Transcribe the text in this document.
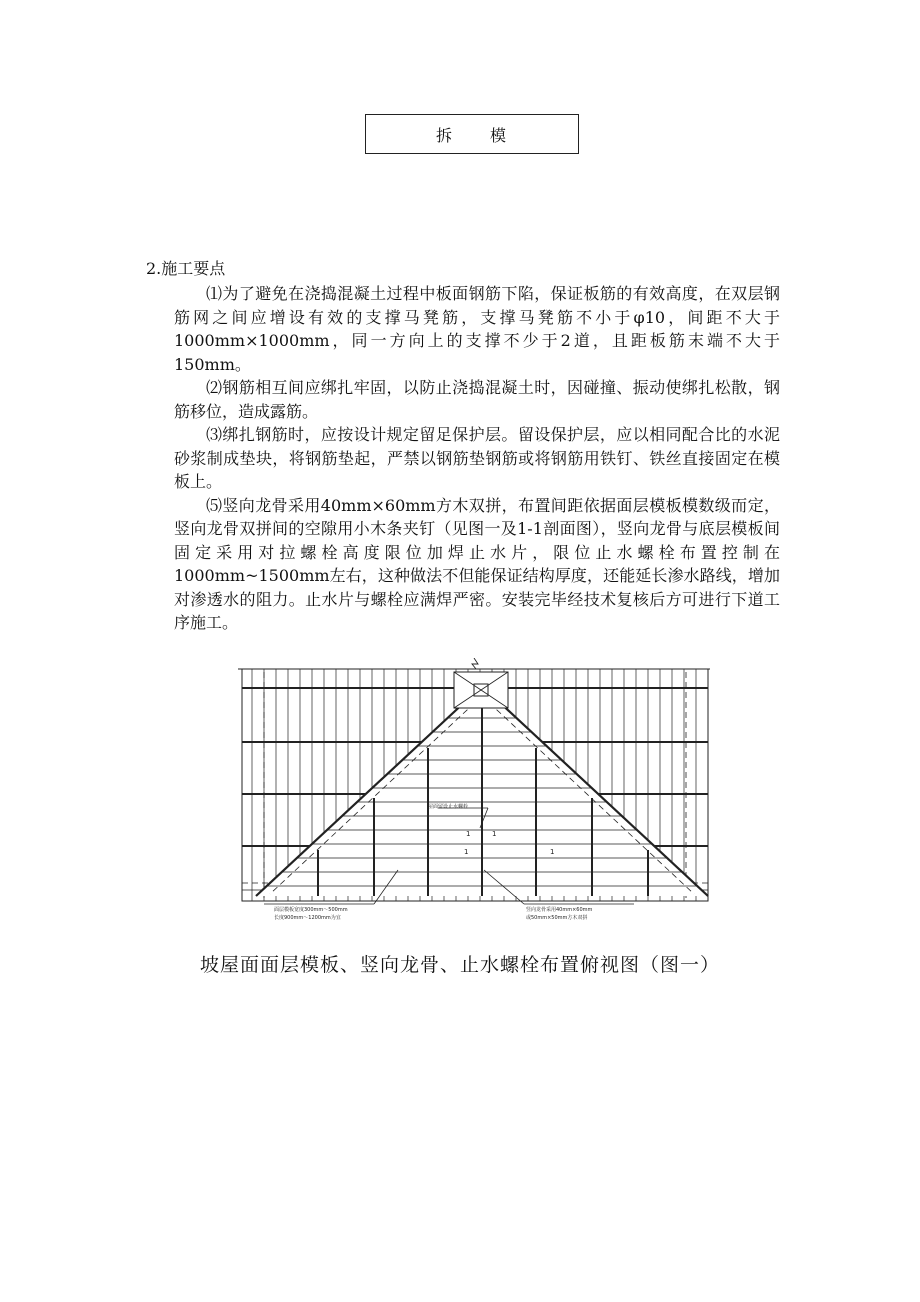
拆　　模
2.施工要点

⑴为了避免在浇捣混凝土过程中板面钢筋下陷，保证板筋的有效高度，在双层钢筋网之间应增设有效的支撑马凳筋，支撑马凳筋不小于φ10，间距不大于1000mm×1000mm，同一方向上的支撑不少于2道，且距板筋末端不大于150mm。

⑵钢筋相互间应绑扎牢固，以防止浇捣混凝土时，因碰撞、振动使绑扎松散，钢筋移位，造成露筋。

⑶绑扎钢筋时，应按设计规定留足保护层。留设保护层，应以相同配合比的水泥砂浆制成垫块，将钢筋垫起，严禁以钢筋垫钢筋或将钢筋用铁钉、铁丝直接固定在模板上。

⑸竖向龙骨采用40mm×60mm方木双拼，布置间距依据面层模板模数级而定，竖向龙骨双拼间的空隙用小木条夹钉（见图一及1-1剖面图），竖向龙骨与底层模板间固定采用对拉螺栓高度限位加焊止水片，限位止水螺栓布置控制在1000mm~1500mm左右，这种做法不但能保证结构厚度，还能延长渗水路线，增加对渗透水的阻力。止水片与螺栓应满焊严密。安装完毕经技术复核后方可进行下道工序施工。

屋面留设止水螺栓
1
1
1
1
面层模板宽度300mm～500mm
长度900mm～1200mm为宜
竖向龙骨采用40mm×60mm
或50mm×50mm方木双拼
坡屋面面层模板、竖向龙骨、止水螺栓布置俯视图（图一）
